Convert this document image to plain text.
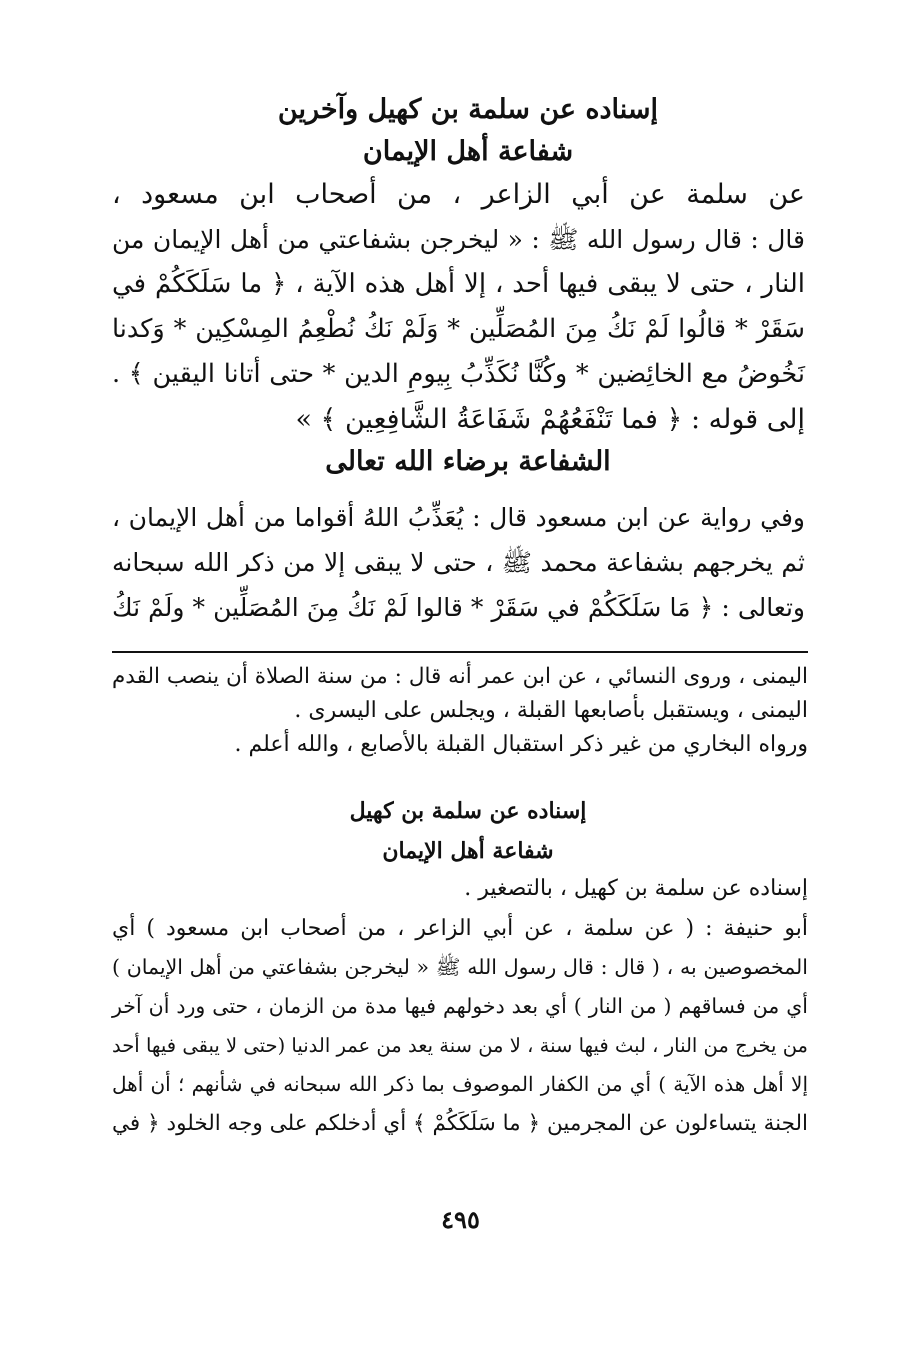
إسناده عن سلمة بن كهيل وآخرين
شفاعة أهل الإيمان
عن سلمة عن أبي الزاعر ، من أصحاب ابن مسعود ،
قال : قال رسول الله ﷺ : « ليخرجن بشفاعتي من أهل الإيمان من
النار ، حتى لا يبقى فيها أحد ، إلا أهل هذه الآية ، ﴿ ما سَلَكَكُمْ في
سَقَرْ * قالُوا لَمْ نَكُ مِنَ المُصَلِّين * وَلَمْ نَكُ نُطْعِمُ المِسْكِين * وَكدنا
نَخُوضُ مع الخائِضين * وكُنَّا نُكَذِّبُ بِيومِ الدين * حتى أتانا اليقين ﴾ .
إلى قوله : ﴿ فما تَنْفَعُهُمْ شَفَاعَةُ الشَّافِعِين ﴾ »
الشفاعة برضاء الله تعالى
وفي رواية عن ابن مسعود قال : يُعَذِّبُ اللهُ أقواما من أهل الإيمان ،
ثم يخرجهم بشفاعة محمد ﷺ ، حتى لا يبقى إلا من ذكر الله سبحانه
وتعالى : ﴿ مَا سَلَكَكُمْ في سَقَرْ * قالوا لَمْ نَكُ مِنَ المُصَلِّين * ولَمْ نَكُ
اليمنى ، وروى النسائي ، عن ابن عمر أنه قال : من سنة الصلاة أن ينصب القدم
اليمنى ، ويستقبل بأصابعها القبلة ، ويجلس على اليسرى .
ورواه البخاري من غير ذكر استقبال القبلة بالأصابع ، والله أعلم .
إسناده عن سلمة بن كهيل
شفاعة أهل الإيمان
إسناده عن سلمة بن كهيل ، بالتصغير .
أبو حنيفة : ( عن سلمة ، عن أبي الزاعر ، من أصحاب ابن مسعود ) أي
المخصوصين به ، ( قال : قال رسول الله ﷺ « ليخرجن بشفاعتي من أهل الإيمان )
أي من فساقهم ( من النار ) أي بعد دخولهم فيها مدة من الزمان ، حتى ورد أن آخر
من يخرج من النار ، لبث فيها سنة ، لا من سنة يعد من عمر الدنيا (حتى لا يبقى فيها أحد
إلا أهل هذه الآية ) أي من الكفار الموصوف بما ذكر الله سبحانه في شأنهم ؛ أن أهل
الجنة يتساءلون عن المجرمين ﴿ ما سَلَكَكُمْ ﴾ أي أدخلكم على وجه الخلود ﴿ في
٤٩٥
